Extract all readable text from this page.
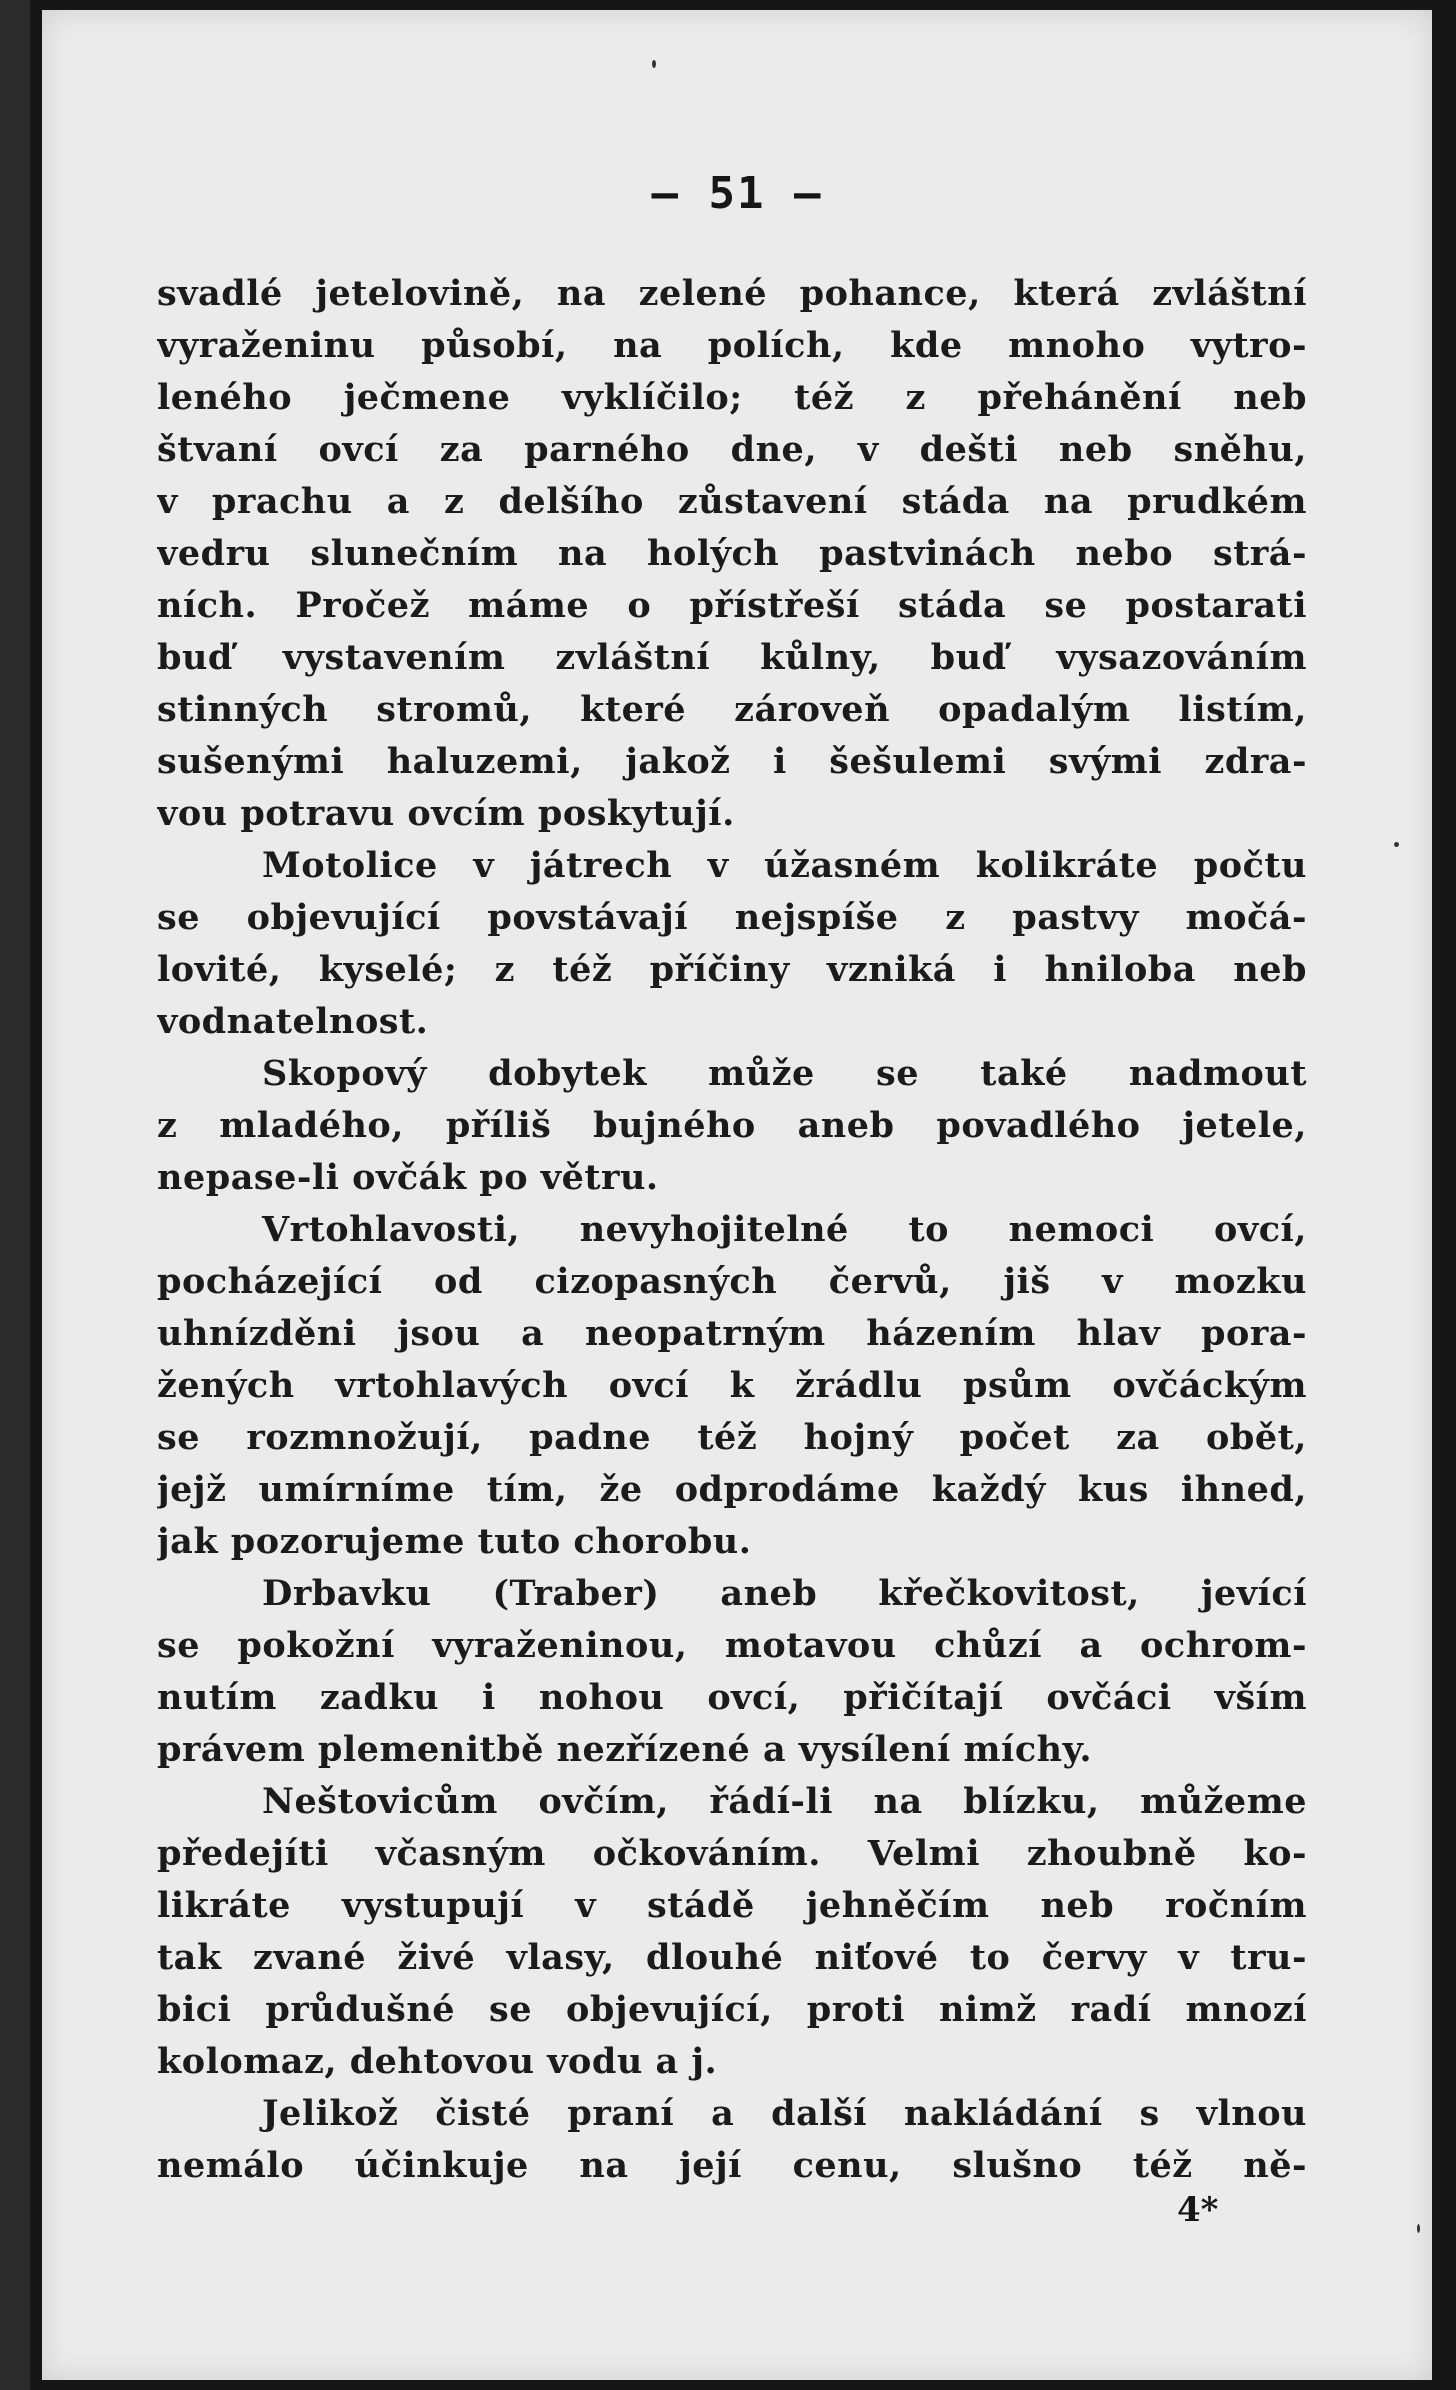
— 51 —
svadlé jetelovině, na zelené pohance, která zvláštní
vyraženinu působí, na polích, kde mnoho vytro-
leného ječmene vyklíčilo; též z přehánění neb
štvaní ovcí za parného dne, v dešti neb sněhu,
v prachu a z delšího zůstavení stáda na prudkém
vedru slunečním na holých pastvinách nebo strá-
ních. Pročež máme o přístřeší stáda se postarati
buď vystavením zvláštní kůlny, buď vysazováním
stinných stromů, které zároveň opadalým listím,
sušenými haluzemi, jakož i šešulemi svými zdra-
vou potravu ovcím poskytují.
Motolice v játrech v úžasném kolikráte počtu
se objevující povstávají nejspíše z pastvy močá-
lovité, kyselé; z též příčiny vzniká i hniloba neb
vodnatelnost.
Skopový dobytek může se také nadmout
z mladého, příliš bujného aneb povadlého jetele,
nepase-li ovčák po větru.
Vrtohlavosti, nevyhojitelné to nemoci ovcí,
pocházející od cizopasných červů, jiš v mozku
uhnízděni jsou a neopatrným házením hlav pora-
žených vrtohlavých ovcí k žrádlu psům ovčáckým
se rozmnožují, padne též hojný počet za obět,
jejž umírníme tím, že odprodáme každý kus ihned,
jak pozorujeme tuto chorobu.
Drbavku (Traber) aneb křečkovitost, jevící
se pokožní vyraženinou, motavou chůzí a ochrom-
nutím zadku i nohou ovcí, přičítají ovčáci vším
právem plemenitbě nezřízené a vysílení míchy.
Neštovicům ovčím, řádí-li na blízku, můžeme
předejíti včasným očkováním. Velmi zhoubně ko-
likráte vystupují v stádě jehněčím neb ročním
tak zvané živé vlasy, dlouhé niťové to červy v tru-
bici průdušné se objevující, proti nimž radí mnozí
kolomaz, dehtovou vodu a j.
Jelikož čisté praní a další nakládání s vlnou
nemálo účinkuje na její cenu, slušno též ně-
4*
